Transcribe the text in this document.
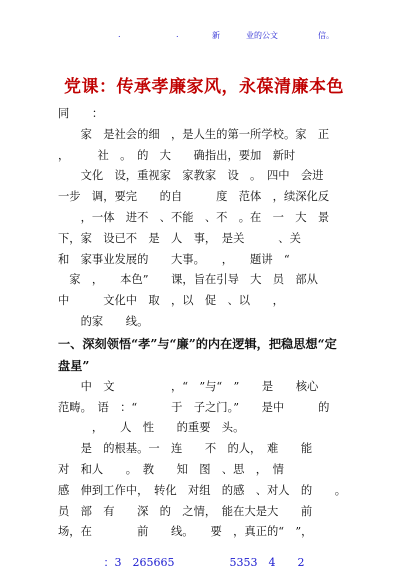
.	.	新	业的公文	信。
党课：传承孝廉家风，永葆清廉本色
同　　：
　　家　是社会的细　，是人生的第一所学校。家　正
，　　　社　。　的　大　　确指出，要加　新时
　　文化　设，重视家　家教家　设　。　四中　会进
一步　调，要完　　的自　　　度　范体　，续深化反
　　，一体　进不　、不能　、不　。在　一　大　景
下，家　设已不　是　人　事，　是关　　　、关
和　家事业发展的　　大事。　　，　　题讲　“
　家　，　　本色”　　课，旨在引导　大　员　部从
中　　　文化中　取　，以　促　、以　　，
　　的家　　线。
一、深刻领悟“孝”与“廉”的内在逻辑，把稳思想“定
盘星”
　　中　文　　　　　，“　”与“　”　　是　　核心
范畴。　语　：“　　　于　子之门。”　　是中　　　的
　　　，　　人　性　　的重要　头。
　　是　的根基。一　连　　不　的人，　难　　能
对　和人　　。　教　　知　图　、思　，　情
感　伸到工作中，　转化　对组　的感　、对人　的　　。
员　部　有　　深　的　之情，　能在大是大　　前
场，在　　　　前　　线。　　要　，真正的“　”，
：3　265665　　　　　5353　4　　2
